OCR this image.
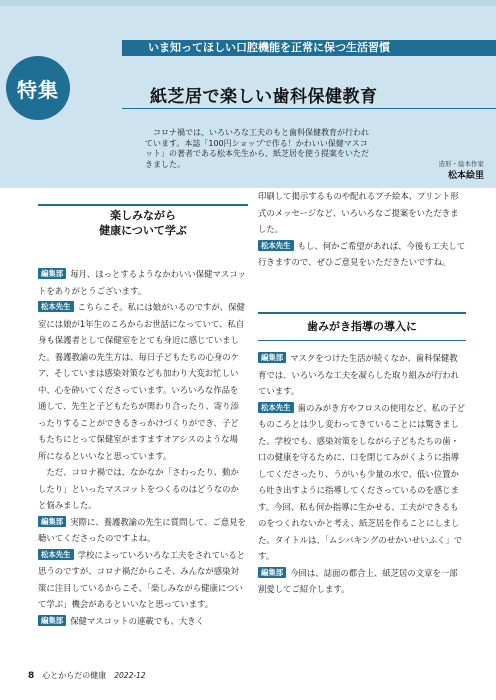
特集
いま知ってほしい口腔機能を正常に保つ生活習慣
紙芝居で楽しい歯科保健教育
コロナ禍では、いろいろな工夫のもと歯科保健教育が行われています。本誌「100円ショップで作る！かわいい保健マスコット」の著者である松本先生から、紙芝居を使う提案をいただきました。	造形・絵本作家
松本絵里
楽しみながら
健康について学ぶ

編集部 毎月、ほっとするようなかわいい保健マスコットをありがとうございます。

松本先生 こちらこそ。私には娘がいるのですが、保健室には娘が1年生のころからお世話になっていて、私自身も保護者として保健室をとても身近に感じていました。養護教諭の先生方は、毎日子どもたちの心身のケア、そしていまは感染対策なども加わり大変お忙しい中、心を砕いてくださっています。いろいろな作品を通して、先生と子どもたちが関わり合ったり、寄り添ったりすることができるきっかけづくりができ、子どもたちにとって保健室がますますオアシスのような場所になるといいなと思っています。

ただ、コロナ禍では、なかなか「さわったり、動かしたり」といったマスコットをつくるのはどうなのかと悩みました。

編集部 実際に、養護教諭の先生に質問して、ご意見を聴いてくださったのですよね。

松本先生 学校によっていろいろな工夫をされていると思うのですが、コロナ禍だからこそ、みんなが感染対策に注目しているからこそ、「楽しみながら健康について学ぶ」機会があるといいなと思っています。

編集部 保健マスコットの連載でも、大きく

印刷して掲示するものや配れるプチ絵本、プリント形式のメッセージなど、いろいろなご提案をいただきました。

松本先生 もし、何かご希望があれば、今後も工夫して行きますので、ぜひご意見をいただきたいですね。

歯みがき指導の導入に

編集部 マスクをつけた生活が続くなか、歯科保健教育では、いろいろな工夫を凝らした取り組みが行われています。

松本先生 歯のみがき方やフロスの使用など、私の子どものころとは少し変わってきていることには驚きました。学校でも、感染対策をしながら子どもたちの歯・口の健康を守るために、口を閉じてみがくように指導してくださったり、うがいも少量の水で、低い位置から吐き出すように指導してくださっているのを感じます。今回、私も何か指導に生かせる、工夫ができるものをつくれないかと考え、紙芝居を作ることにしました。タイトルは、「ムシバキングのせかいせいふく」です。

編集部 今回は、誌面の都合上、紙芝居の文章を一部割愛してご紹介します。

8 心とからだの健康 2022-12
